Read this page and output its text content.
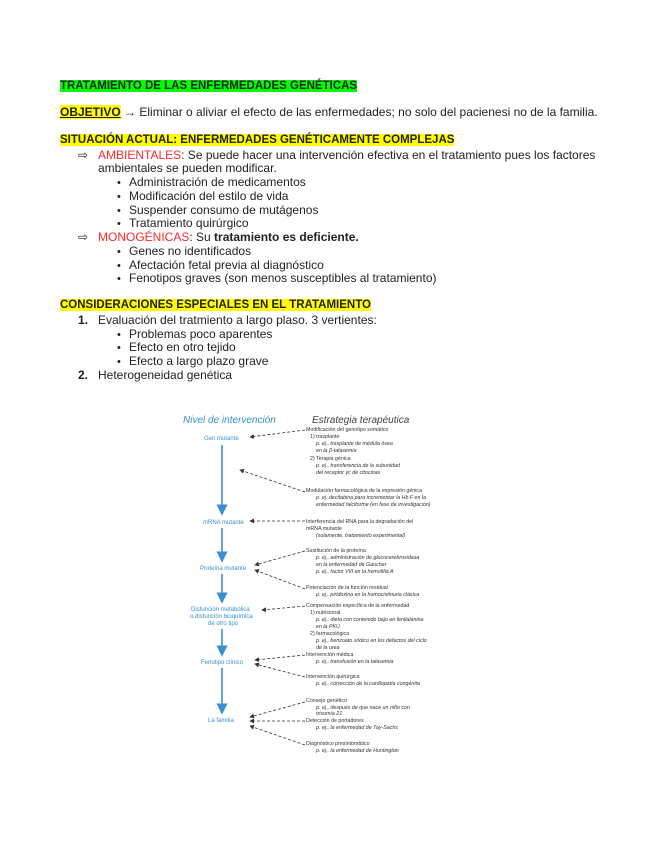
TRATAMIENTO DE LAS ENFERMEDADES GENÉTICAS
OBJETIVO → Eliminar o aliviar el efecto de las enfermedades; no solo del pacienesi no de la familia.
SITUACIÓN ACTUAL: ENFERMEDADES GENÉTICAMENTE COMPLEJAS
⇨ AMBIENTALES: Se puede hacer una intervención efectiva en el tratamiento pues los factores
ambientales se pueden modificar.
• Administración de medicamentos
• Modificación del estilo de vida
• Suspender consumo de mutágenos
• Tratamiento quirúrgico
⇨ MONOGÉNICAS: Su tratamiento es deficiente.
• Genes no identificados
• Afectación fetal previa al diagnóstico
• Fenotipos graves (son menos susceptibles al tratamiento)
CONSIDERACIONES ESPECIALES EN EL TRATAMIENTO
1. Evaluación del tratmiento a largo plaso. 3 vertientes:
• Problemas poco aparentes
• Efecto en otro tejido
• Efecto a largo plazo grave
2. Heterogeneidad genética
Nivel de intervención	Estrategia terapéutica
Gen mutante
mRNA mutante
Proteína mutante
Disfunción metabólica
o disfunción bioquímica
de otro tipo
Fenotipo clínico
La familia
Modificación del genotipo somático
1) trasplante
p. ej., trasplante de médula ósea
en la β-talasemia
2) Terapia génica
p. ej., transferencia de la subunidad
del receptor γc de citocinas
Modulación farmacológica de la expresión génica
p. ej.,decitabina para incrementar la Hb F en la
enfermedad falciforme (en fase de investigación)
Interferencia del RNA para la degradación del
mRNA mutante
(solamente, tratamiento experimental)
Sustitución de la proteína
p. ej., administración de glucocerebrosidasa
en la enfermedad de Gaucher
p. ej., factor VIII en la hemofilia A
Potenciación de la función residual
p. ej., piridoxina en la homocistinuria clásica
Compensación específica de la enfermedad
1) nutricional
p. ej., dieta con contenido bajo en fenilalanina
en la PKU
2) farmacológica
p. ej., benzoato sódico en los defectos del ciclo
de la urea
Intervención médica
p. ej., transfusión en la talasemia
Intervención quirúrgica
p. ej., corrección de la cardiopatía congénita
Consejo genético
p. ej., después de que nace un niño con
trisomía 21
Detección de portadores
p. ej., la enfermedad de Tay-Sachs
Diagnóstico presintomático
p. ej., la enfermedad de Huntington
